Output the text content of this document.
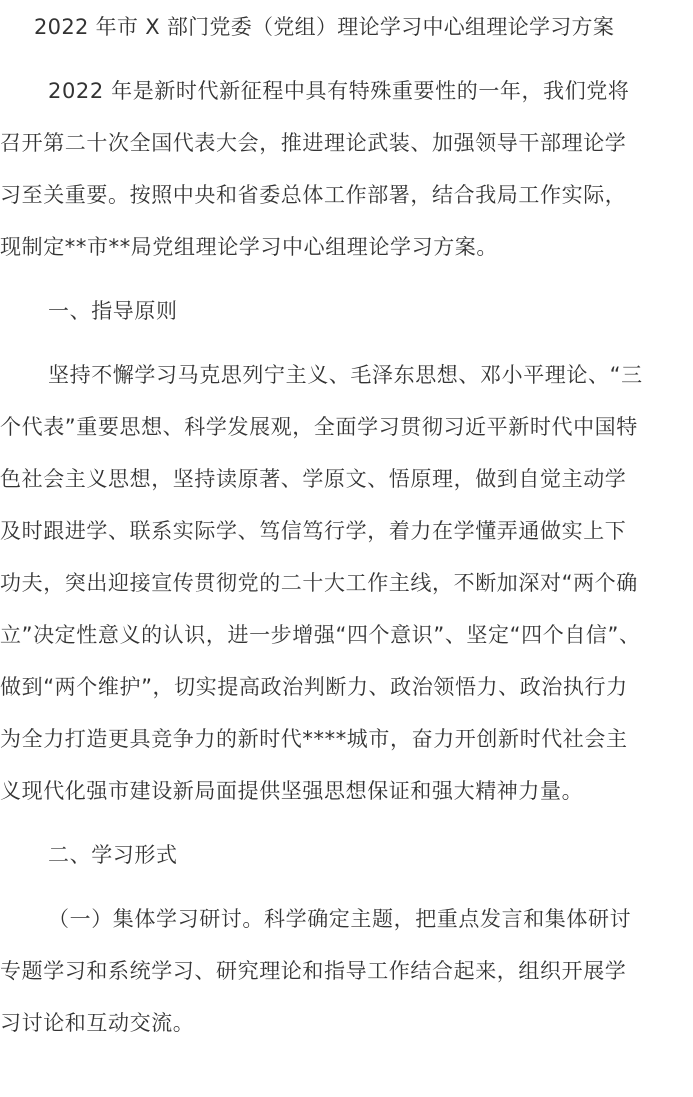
2022 年市 X 部门党委（党组）理论学习中心组理论学习方案
2022 年是新时代新征程中具有特殊重要性的一年，我们党将
召开第二十次全国代表大会，推进理论武装、加强领导干部理论学
习至关重要。按照中央和省委总体工作部署，结合我局工作实际，
现制定**市**局党组理论学习中心组理论学习方案。
一、指导原则
坚持不懈学习马克思列宁主义、毛泽东思想、邓小平理论、“三
个代表”重要思想、科学发展观，全面学习贯彻习近平新时代中国特
色社会主义思想，坚持读原著、学原文、悟原理，做到自觉主动学
及时跟进学、联系实际学、笃信笃行学，着力在学懂弄通做实上下
功夫，突出迎接宣传贯彻党的二十大工作主线，不断加深对“两个确
立”决定性意义的认识，进一步增强“四个意识”、坚定“四个自信”、
做到“两个维护”，切实提高政治判断力、政治领悟力、政治执行力
为全力打造更具竞争力的新时代****城市，奋力开创新时代社会主
义现代化强市建设新局面提供坚强思想保证和强大精神力量。
二、学习形式
（一）集体学习研讨。科学确定主题，把重点发言和集体研讨
专题学习和系统学习、研究理论和指导工作结合起来，组织开展学
习讨论和互动交流。
